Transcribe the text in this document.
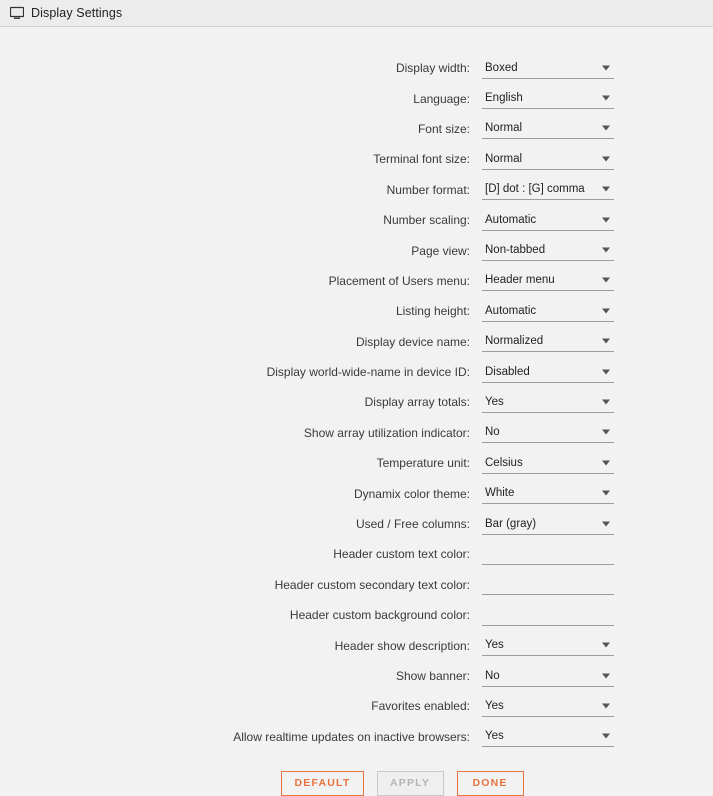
Display Settings
Display width:	Boxed
Language:	English
Font size:	Normal
Terminal font size:	Normal
Number format:	[D] dot : [G] comma
Number scaling:	Automatic
Page view:	Non-tabbed
Placement of Users menu:	Header menu
Listing height:	Automatic
Display device name:	Normalized
Display world-wide-name in device ID:	Disabled
Display array totals:	Yes
Show array utilization indicator:	No
Temperature unit:	Celsius
Dynamix color theme:	White
Used / Free columns:	Bar (gray)
Header custom text color:
Header custom secondary text color:
Header custom background color:
Header show description:	Yes
Show banner:	No
Favorites enabled:	Yes
Allow realtime updates on inactive browsers:	Yes
DEFAULT	APPLY	DONE
